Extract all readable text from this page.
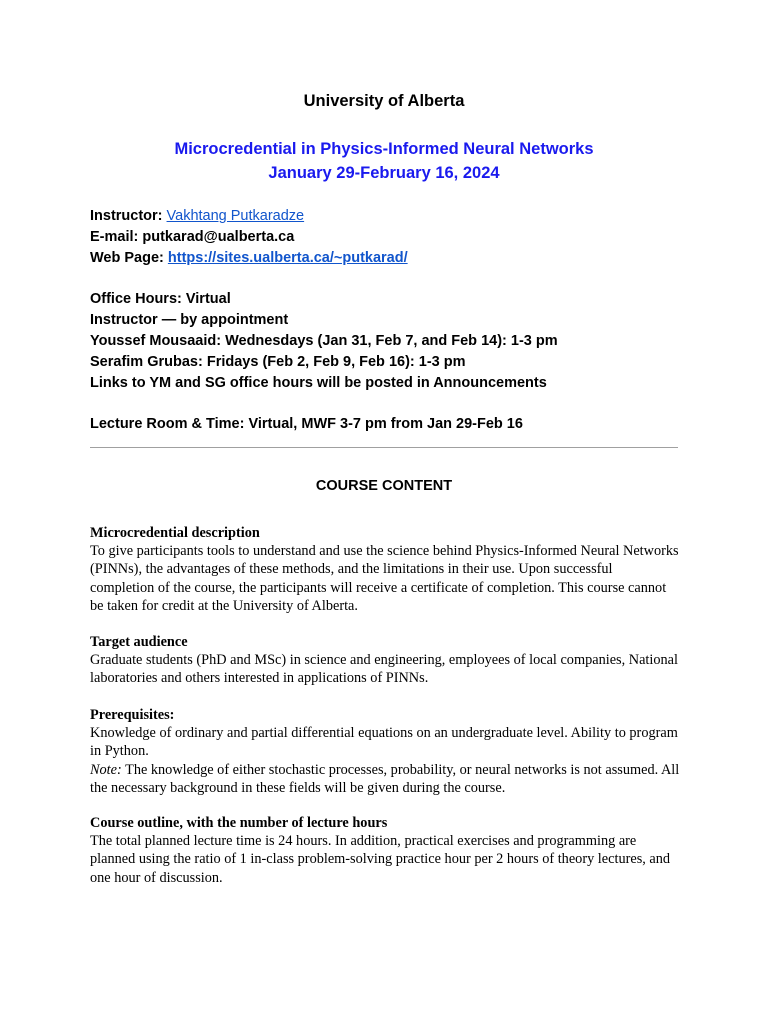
University of Alberta
Microcredential in Physics-Informed Neural Networks
January 29-February 16, 2024
Instructor: Vakhtang Putkaradze
E-mail: putkarad@ualberta.ca
Web Page: https://sites.ualberta.ca/~putkarad/
Office Hours: Virtual
Instructor — by appointment
Youssef Mousaaid: Wednesdays (Jan 31, Feb 7, and Feb 14): 1-3 pm
Serafim Grubas: Fridays (Feb 2, Feb 9, Feb 16): 1-3 pm
Links to YM and SG office hours will be posted in Announcements
Lecture Room & Time: Virtual, MWF 3-7 pm from Jan 29-Feb 16
COURSE CONTENT

Microcredential description

To give participants tools to understand and use the science behind Physics-Informed Neural Networks (PINNs), the advantages of these methods, and the limitations in their use. Upon successful completion of the course, the participants will receive a certificate of completion. This course cannot be taken for credit at the University of Alberta.

Target audience

Graduate students (PhD and MSc) in science and engineering, employees of local companies, National laboratories and others interested in applications of PINNs.

Prerequisites:

Knowledge of ordinary and partial differential equations on an undergraduate level. Ability to program in Python.

Note: The knowledge of either stochastic processes, probability, or neural networks is not assumed. All the necessary background in these fields will be given during the course.

Course outline, with the number of lecture hours

The total planned lecture time is 24 hours. In addition, practical exercises and programming are planned using the ratio of 1 in-class problem-solving practice hour per 2 hours of theory lectures, and one hour of discussion.
